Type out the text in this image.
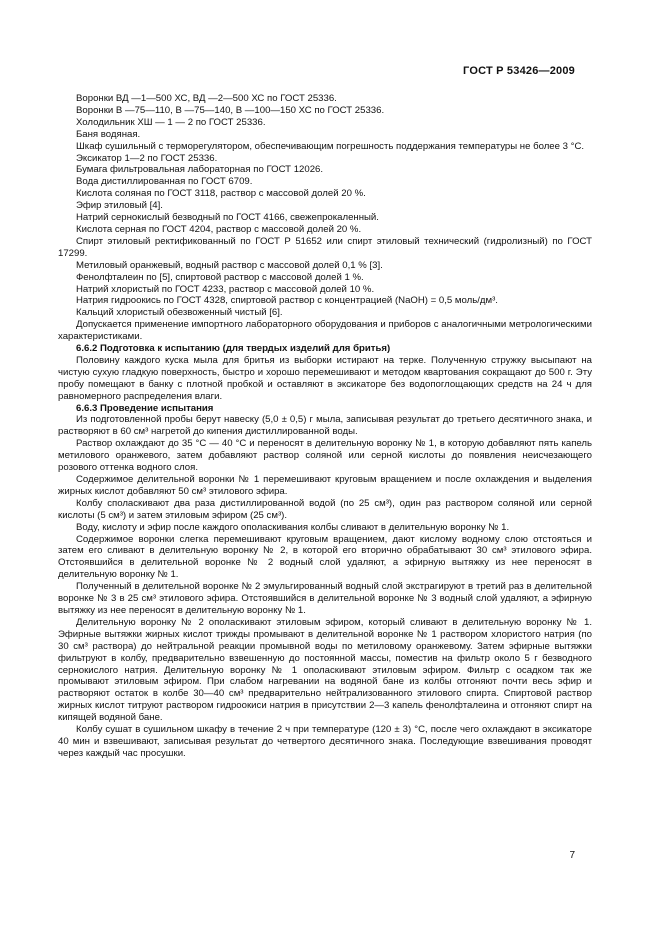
ГОСТ Р 53426—2009

Воронки ВД —1—500 ХС, ВД —2—500 ХС по ГОСТ 25336.

Воронки В —75—110, В —75—140, В —100—150 ХС по ГОСТ 25336.

Холодильник ХШ — 1 — 2 по ГОСТ 25336.

Баня водяная.

Шкаф сушильный с терморегулятором, обеспечивающим погрешность поддержания температуры не более 3 °С.

Эксикатор 1—2 по ГОСТ 25336.

Бумага фильтровальная лабораторная по ГОСТ 12026.

Вода дистиллированная по ГОСТ 6709.

Кислота соляная по ГОСТ 3118, раствор с массовой долей 20 %.

Эфир этиловый [4].

Натрий сернокислый безводный по ГОСТ 4166, свежепрокаленный.

Кислота серная по ГОСТ 4204, раствор с массовой долей 20 %.

Спирт этиловый ректификованный по ГОСТ Р 51652 или спирт этиловый технический (гидролизный) по ГОСТ 17299.

Метиловый оранжевый, водный раствор с массовой долей 0,1 % [3].

Фенолфталеин по [5], спиртовой раствор с массовой долей 1 %.

Натрий хлористый по ГОСТ 4233, раствор с массовой долей 10 %.

Натрия гидроокись по ГОСТ 4328, спиртовой раствор с концентрацией (NaOH) = 0,5 моль/дм³.

Кальций хлористый обезвоженный чистый [6].

Допускается применение импортного лабораторного оборудования и приборов с аналогичными метрологическими характеристиками.

6.6.2 Подготовка к испытанию (для твердых изделий для бритья)

Половину каждого куска мыла для бритья из выборки истирают на терке. Полученную стружку высыпают на чистую сухую гладкую поверхность, быстро и хорошо перемешивают и методом квартования сокращают до 500 г. Эту пробу помещают в банку с плотной пробкой и оставляют в эксикаторе без водопоглощающих средств на 24 ч для равномерного распределения влаги.

6.6.3 Проведение испытания

Из подготовленной пробы берут навеску (5,0 ± 0,5) г мыла, записывая результат до третьего десятичного знака, и растворяют в 60 см³ нагретой до кипения дистиллированной воды.

Раствор охлаждают до 35 °С — 40 °С и переносят в делительную воронку № 1, в которую добавляют пять капель метилового оранжевого, затем добавляют раствор соляной или серной кислоты до появления неисчезающего розового оттенка водного слоя.

Содержимое делительной воронки № 1 перемешивают круговым вращением и после охлаждения и выделения жирных кислот добавляют 50 см³ этилового эфира.

Колбу споласкивают два раза дистиллированной водой (по 25 см³), один раз раствором соляной или серной кислоты (5 см³) и затем этиловым эфиром (25 см³).

Воду, кислоту и эфир после каждого ополаскивания колбы сливают в делительную воронку № 1.

Содержимое воронки слегка перемешивают круговым вращением, дают кислому водному слою отстояться и затем его сливают в делительную воронку № 2, в которой его вторично обрабатывают 30 см³ этилового эфира. Отстоявшийся в делительной воронке № 2 водный слой удаляют, а эфирную вытяжку из нее переносят в делительную воронку № 1.

Полученный в делительной воронке № 2 эмульгированный водный слой экстрагируют в третий раз в делительной воронке № 3 в 25 см³ этилового эфира. Отстоявшийся в делительной воронке № 3 водный слой удаляют, а эфирную вытяжку из нее переносят в делительную воронку № 1.

Делительную воронку № 2 ополаскивают этиловым эфиром, который сливают в делительную воронку № 1. Эфирные вытяжки жирных кислот трижды промывают в делительной воронке № 1 раствором хлористого натрия (по 30 см³ раствора) до нейтральной реакции промывной воды по метиловому оранжевому. Затем эфирные вытяжки фильтруют в колбу, предварительно взвешенную до постоянной массы, поместив на фильтр около 5 г безводного сернокислого натрия. Делительную воронку № 1 ополаскивают этиловым эфиром. Фильтр с осадком так же промывают этиловым эфиром. При слабом нагревании на водяной бане из колбы отгоняют почти весь эфир и растворяют остаток в колбе 30—40 см³ предварительно нейтрализованного этилового спирта. Спиртовой раствор жирных кислот титруют раствором гидроокиси натрия в присутствии 2—3 капель фенолфталеина и отгоняют спирт на кипящей водяной бане.

Колбу сушат в сушильном шкафу в течение 2 ч при температуре (120 ± 3) °С, после чего охлаждают в эксикаторе 40 мин и взвешивают, записывая результат до четвертого десятичного знака. Последующие взвешивания проводят через каждый час просушки.

7
